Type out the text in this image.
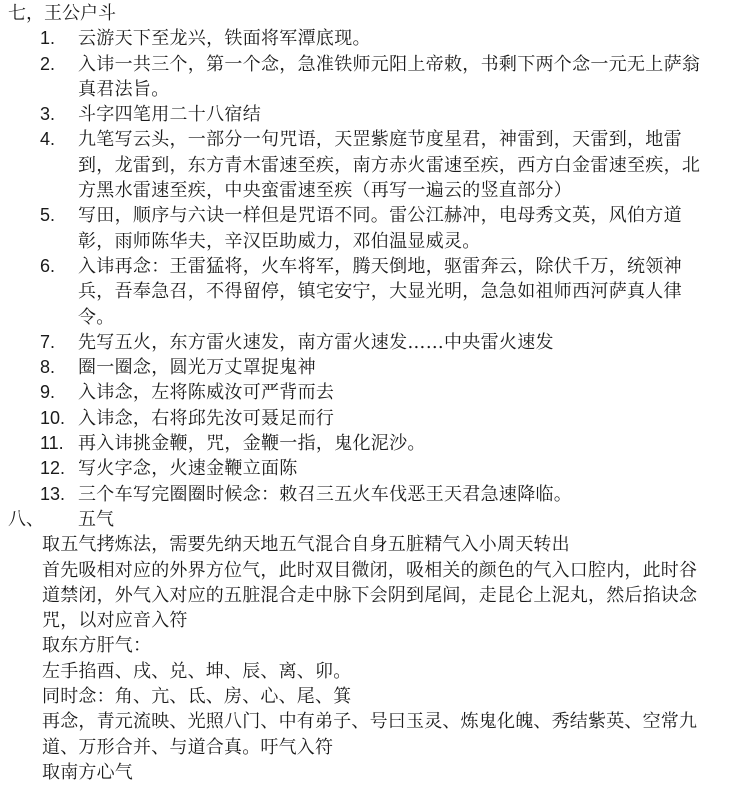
七，王公户斗
1. 云游天下至龙兴，铁面将军潭底现。
2. 入讳一共三个，第一个念，急准铁师元阳上帝敕，书剩下两个念一元无上萨翁真君法旨。
3. 斗字四笔用二十八宿结
4. 九笔写云头，一部分一句咒语，天罡紫庭节度星君，神雷到，天雷到，地雷到，龙雷到，东方青木雷速至疾，南方赤火雷速至疾，西方白金雷速至疾，北方黑水雷速至疾，中央蛮雷速至疾（再写一遍云的竖直部分）
5. 写田，顺序与六诀一样但是咒语不同。雷公江赫冲，电母秀文英，风伯方道彰，雨师陈华夫，辛汉臣助威力，邓伯温显威灵。
6. 入讳再念：王雷猛将，火车将军，腾天倒地，驱雷奔云，除伏千万，统领神兵，吾奉急召，不得留停，镇宅安宁，大显光明，急急如祖师西河萨真人律令。
7. 先写五火，东方雷火速发，南方雷火速发……中央雷火速发
8. 圈一圈念，圆光万丈罩捉鬼神
9. 入讳念，左将陈威汝可严背而去
10. 入讳念，右将邱先汝可聂足而行
11. 再入讳挑金鞭，咒，金鞭一指，鬼化泥沙。
12. 写火字念，火速金鞭立面陈
13. 三个车写完圈圈时候念：敕召三五火车伐恶王天君急速降临。
八、 五气
取五气拷炼法，需要先纳天地五气混合自身五脏精气入小周天转出
首先吸相对应的外界方位气，此时双目微闭，吸相关的颜色的气入口腔内，此时谷道禁闭，外气入对应的五脏混合走中脉下会阴到尾闾，走昆仑上泥丸，然后掐诀念咒，以对应音入符
取东方肝气：
左手掐酉、戌、兑、坤、辰、离、卯。
同时念：角、亢、氐、房、心、尾、箕
再念，青元流映、光照八门、中有弟子、号曰玉灵、炼鬼化魄、秀结紫英、空常九道、万形合并、与道合真。吁气入符
取南方心气
